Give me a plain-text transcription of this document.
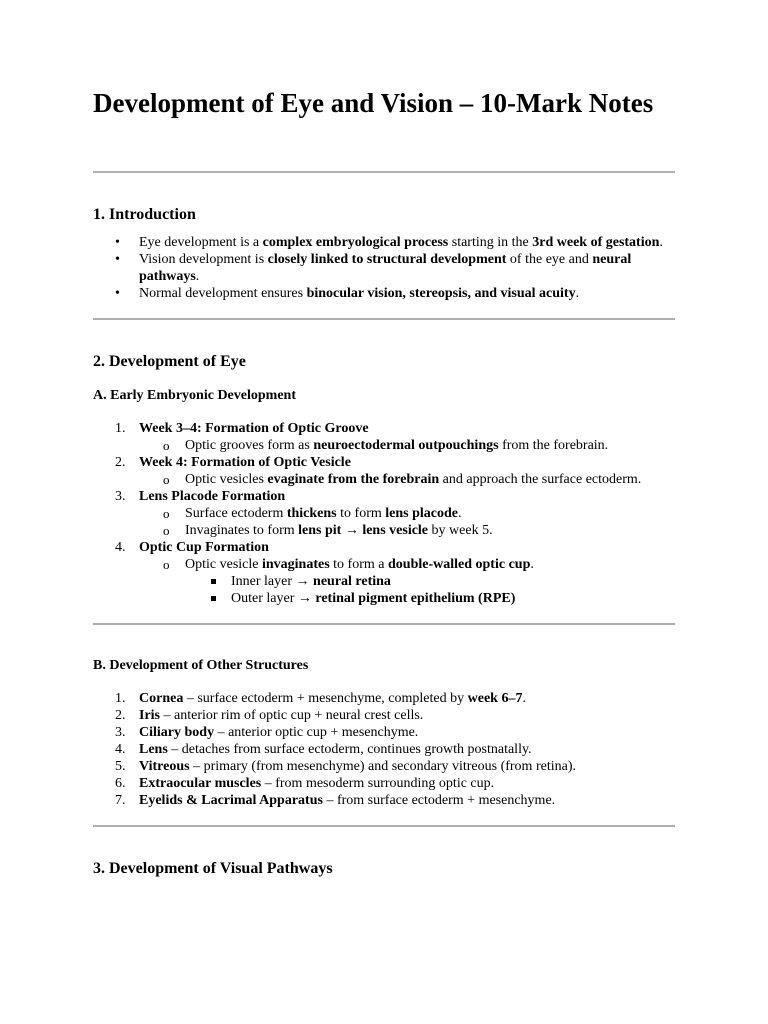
Development of Eye and Vision – 10-Mark Notes
1. Introduction
• Eye development is a complex embryological process starting in the 3rd week of gestation.
• Vision development is closely linked to structural development of the eye and neural pathways.
• Normal development ensures binocular vision, stereopsis, and visual acuity.
2. Development of Eye
A. Early Embryonic Development
1. Week 3–4: Formation of Optic Groove
o Optic grooves form as neuroectodermal outpouchings from the forebrain.
2. Week 4: Formation of Optic Vesicle
o Optic vesicles evaginate from the forebrain and approach the surface ectoderm.
3. Lens Placode Formation
o Surface ectoderm thickens to form lens placode.
o Invaginates to form lens pit → lens vesicle by week 5.
4. Optic Cup Formation
o Optic vesicle invaginates to form a double-walled optic cup.
Inner layer → neural retina
Outer layer → retinal pigment epithelium (RPE)
B. Development of Other Structures
1. Cornea – surface ectoderm + mesenchyme, completed by week 6–7.
2. Iris – anterior rim of optic cup + neural crest cells.
3. Ciliary body – anterior optic cup + mesenchyme.
4. Lens – detaches from surface ectoderm, continues growth postnatally.
5. Vitreous – primary (from mesenchyme) and secondary vitreous (from retina).
6. Extraocular muscles – from mesoderm surrounding optic cup.
7. Eyelids & Lacrimal Apparatus – from surface ectoderm + mesenchyme.
3. Development of Visual Pathways
